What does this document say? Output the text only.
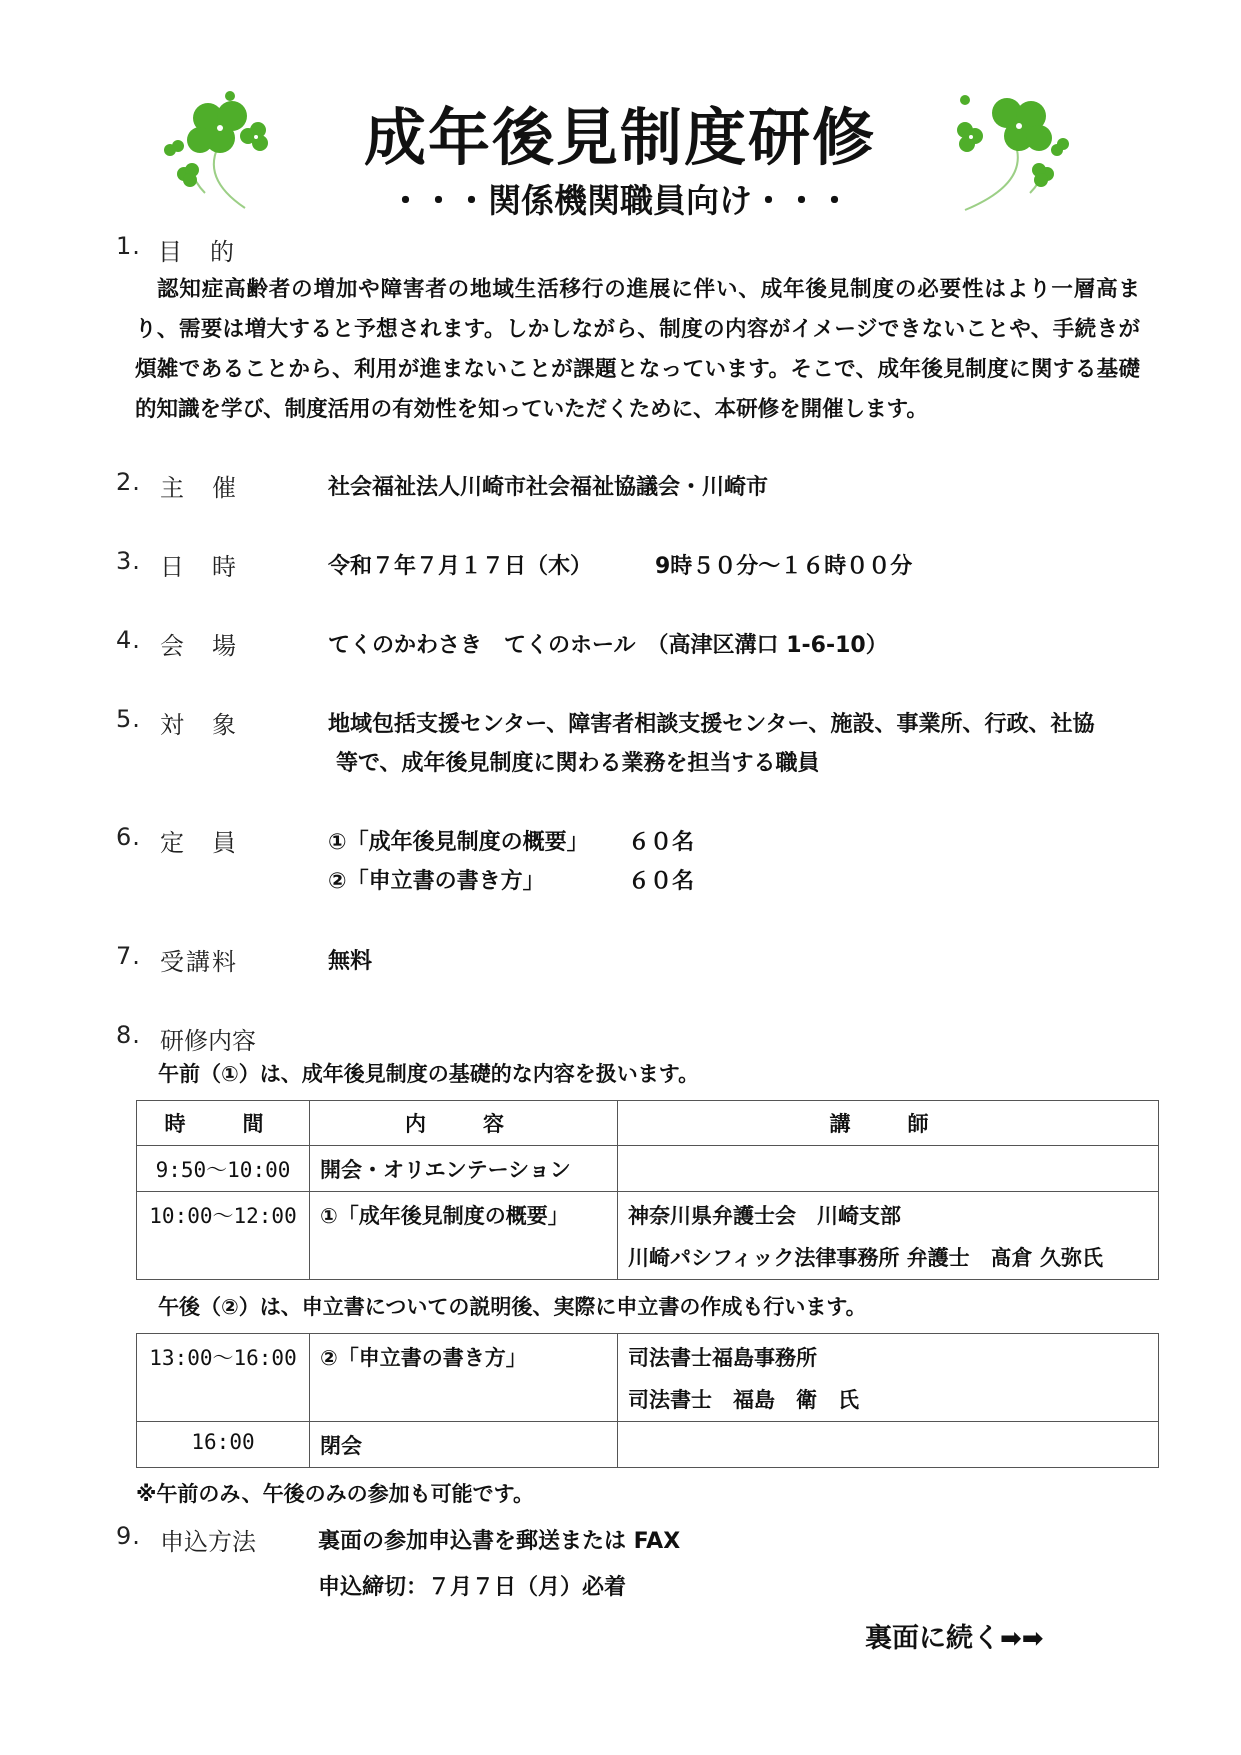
成年後見制度研修
・・・関係機関職員向け・・・
1. 目　的
認知症高齢者の増加や障害者の地域生活移行の進展に伴い、成年後見制度の必要性はより一層高まり、需要は増大すると予想されます。しかしながら、制度の内容がイメージできないことや、手続きが煩雑であることから、利用が進まないことが課題となっています。そこで、成年後見制度に関する基礎的知識を学び、制度活用の有効性を知っていただくために、本研修を開催します。
2. 主　催	社会福祉法人川崎市社会福祉協議会・川崎市
3. 日　時	令和７年７月１７日（木）	9時５０分～１６時００分
4. 会　場	てくのかわさき　てくのホール　（高津区溝口 1-6-10）
5. 対　象	地域包括支援センター、障害者相談支援センター、施設、事業所、行政、社協
等で、成年後見制度に関わる業務を担当する職員
6. 定　員	①「成年後見制度の概要」 ６０名
②「申立書の書き方」	６０名
7. 受講料	無料
8. 研修内容
午前（①）は、成年後見制度の基礎的な内容を扱います。
時　間	内　容	講　師
9:50～10:00	開会・オリエンテーション	
10:00～12:00	①「成年後見制度の概要」	神奈川県弁護士会　川崎支部
川崎パシフィック法律事務所 弁護士　髙倉 久弥氏
午後（②）は、申立書についての説明後、実際に申立書の作成も行います。
13:00～16:00	②「申立書の書き方」	司法書士福島事務所
司法書士　福島　衛　氏

16:00	閉会	
※午前のみ、午後のみの参加も可能です。
9. 申込方法	裏面の参加申込書を郵送または FAX
申込締切：７月７日（月）必着
裏面に続く➡➡
